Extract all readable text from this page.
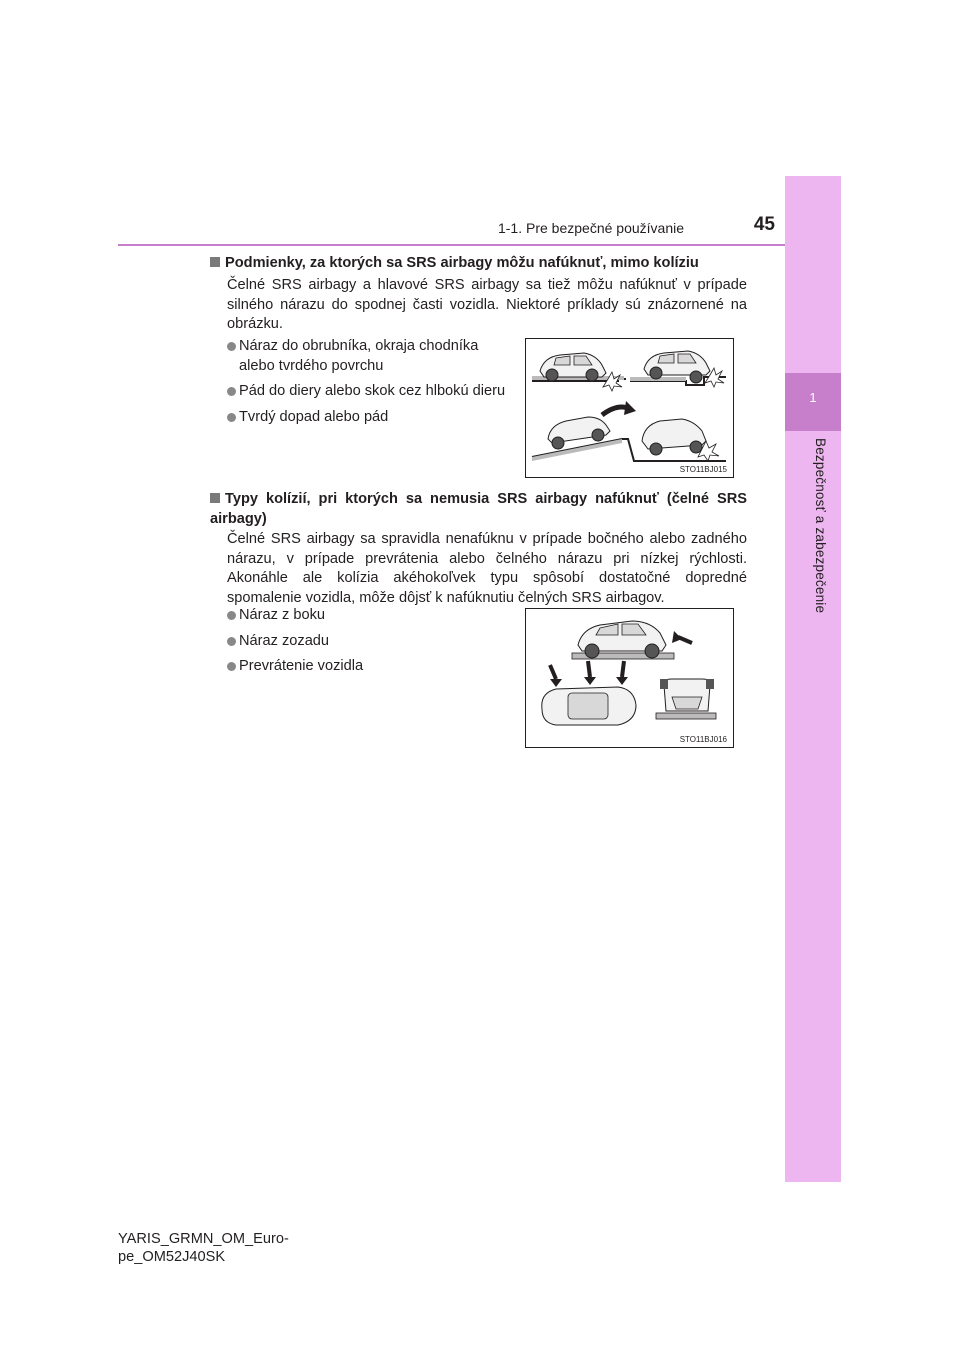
1
Bezpečnosť a zabezpečenie
1-1. Pre bezpečné používanie	45
Podmienky, za ktorých sa SRS airbagy môžu nafúknuť, mimo kolíziu
Čelné SRS airbagy a hlavové SRS airbagy sa tiež môžu nafúknuť v prípade silného nárazu do spodnej časti vozidla. Niektoré príklady sú znázornené na obrázku.
Náraz do obrubníka, okraja chodníka alebo tvrdého povrchu
Pád do diery alebo skok cez hlbokú dieru
Tvrdý dopad alebo pád
STO11BJ015
Typy kolízií, pri ktorých sa nemusia SRS airbagy nafúknuť (čelné SRS airbagy)
Čelné SRS airbagy sa spravidla nenafúknu v prípade bočného alebo zadného nárazu, v prípade prevrátenia alebo čelného nárazu pri nízkej rýchlosti. Akonáhle ale kolízia akéhokoľvek typu spôsobí dostatočné dopredné spomalenie vozidla, môže dôjsť k nafúknutiu čelných SRS airbagov.
Náraz z boku
Náraz zozadu
Prevrátenie vozidla
STO11BJ016
YARIS_GRMN_OM_Euro-
pe_OM52J40SK
